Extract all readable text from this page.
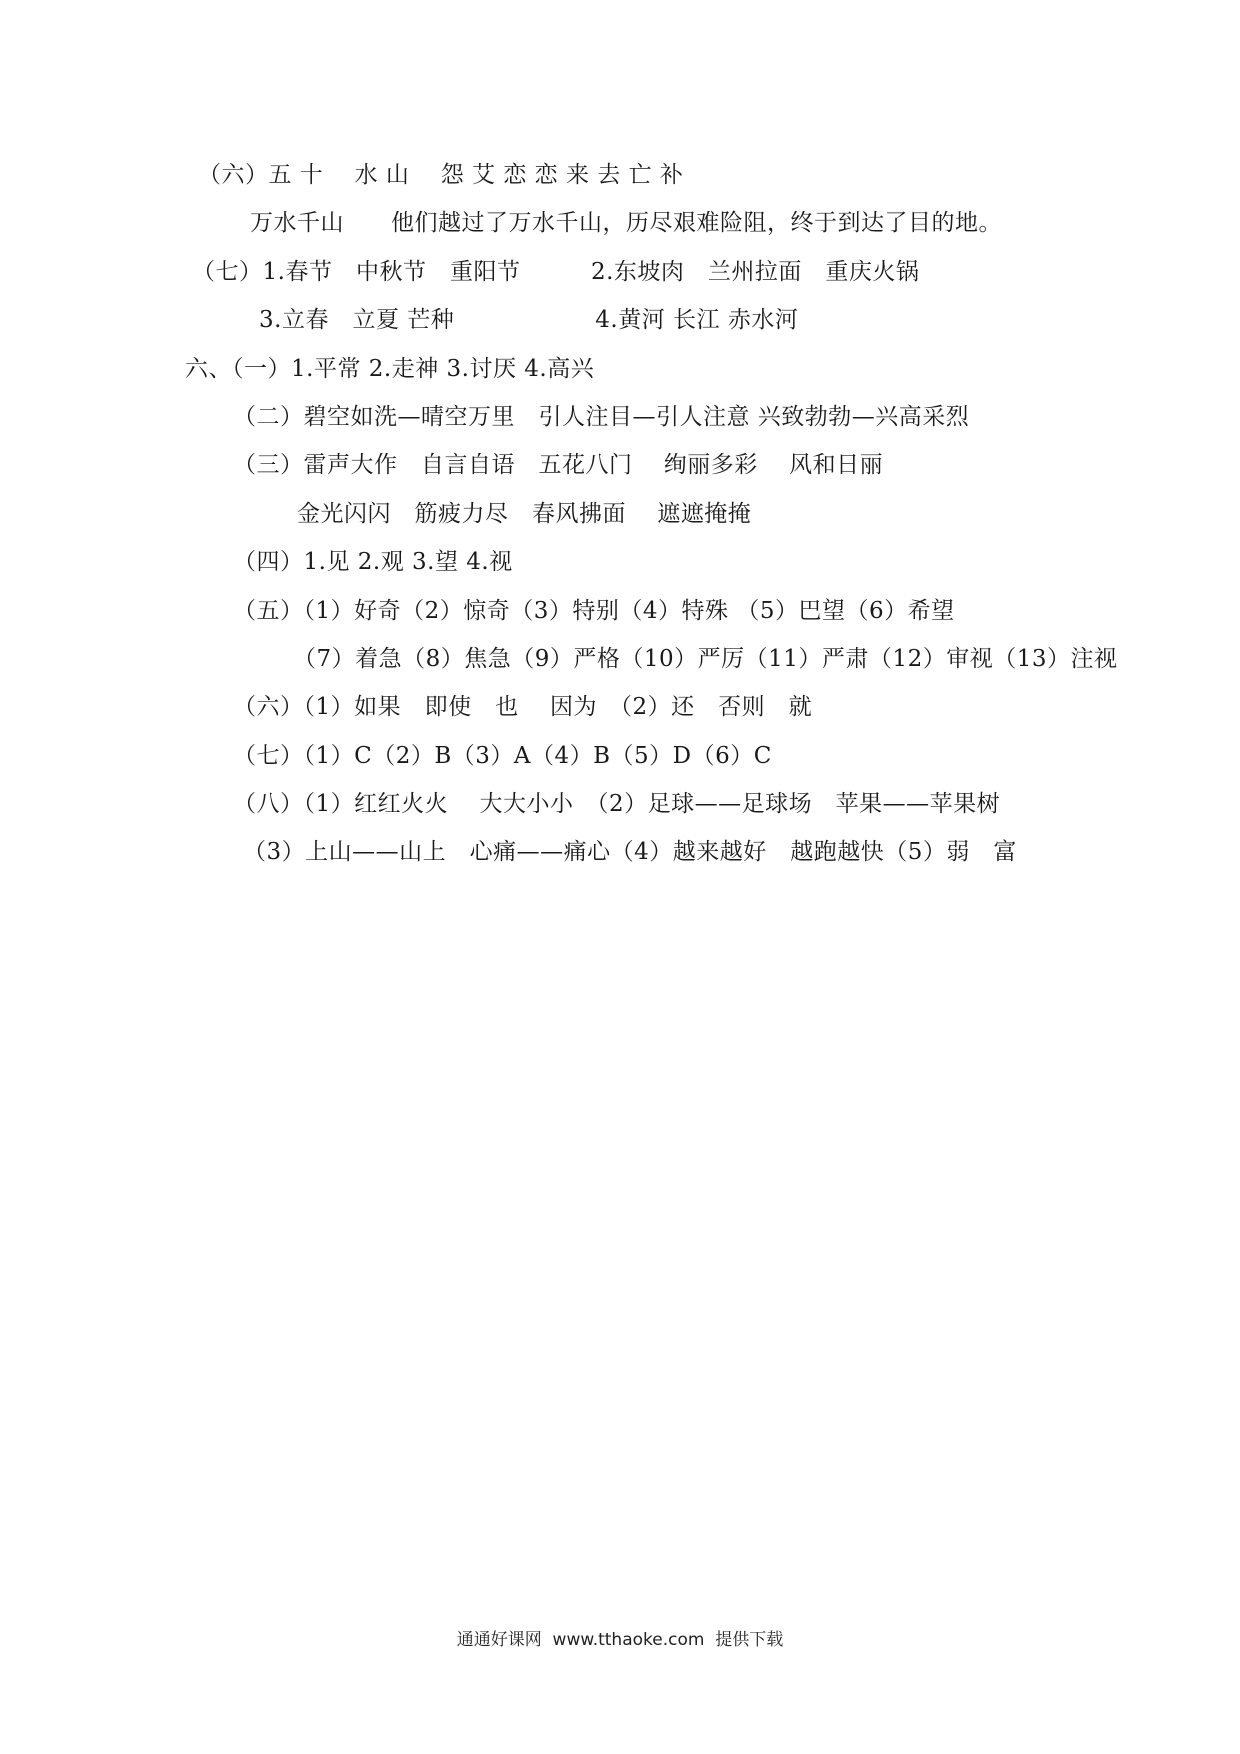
（六）五 十　 水 山　 怨 艾 恋 恋 来 去 亡 补
万水千山　　他们越过了万水千山，历尽艰难险阻，终于到达了目的地。
（七）1.春节　中秋节　重阳节　　　2.东坡肉　兰州拉面　重庆火锅
3.立春　立夏 芒种　　　　　　4.黄河 长江 赤水河
六、（一）1.平常 2.走神 3.讨厌 4.高兴
（二）碧空如洗—晴空万里　引人注目—引人注意 兴致勃勃—兴高采烈
（三）雷声大作　自言自语　五花八门　 绚丽多彩　 风和日丽
金光闪闪　筋疲力尽　春风拂面　 遮遮掩掩
（四）1.见 2.观 3.望 4.视
（五）（1）好奇（2）惊奇（3）特别（4）特殊 （5）巴望（6）希望
（7）着急（8）焦急（9）严格（10）严厉（11）严肃（12）审视（13）注视
（六）（1）如果　即使　也　 因为　（2）还　否则　就
（七）（1）C（2）B（3）A（4）B（5）D（6）C
（八）（1）红红火火　 大大小小　（2）足球——足球场　苹果——苹果树
（3）上山——山上　心痛——痛心（4）越来越好　越跑越快（5）弱　富
通通好课网  www.tthaoke.com  提供下载
